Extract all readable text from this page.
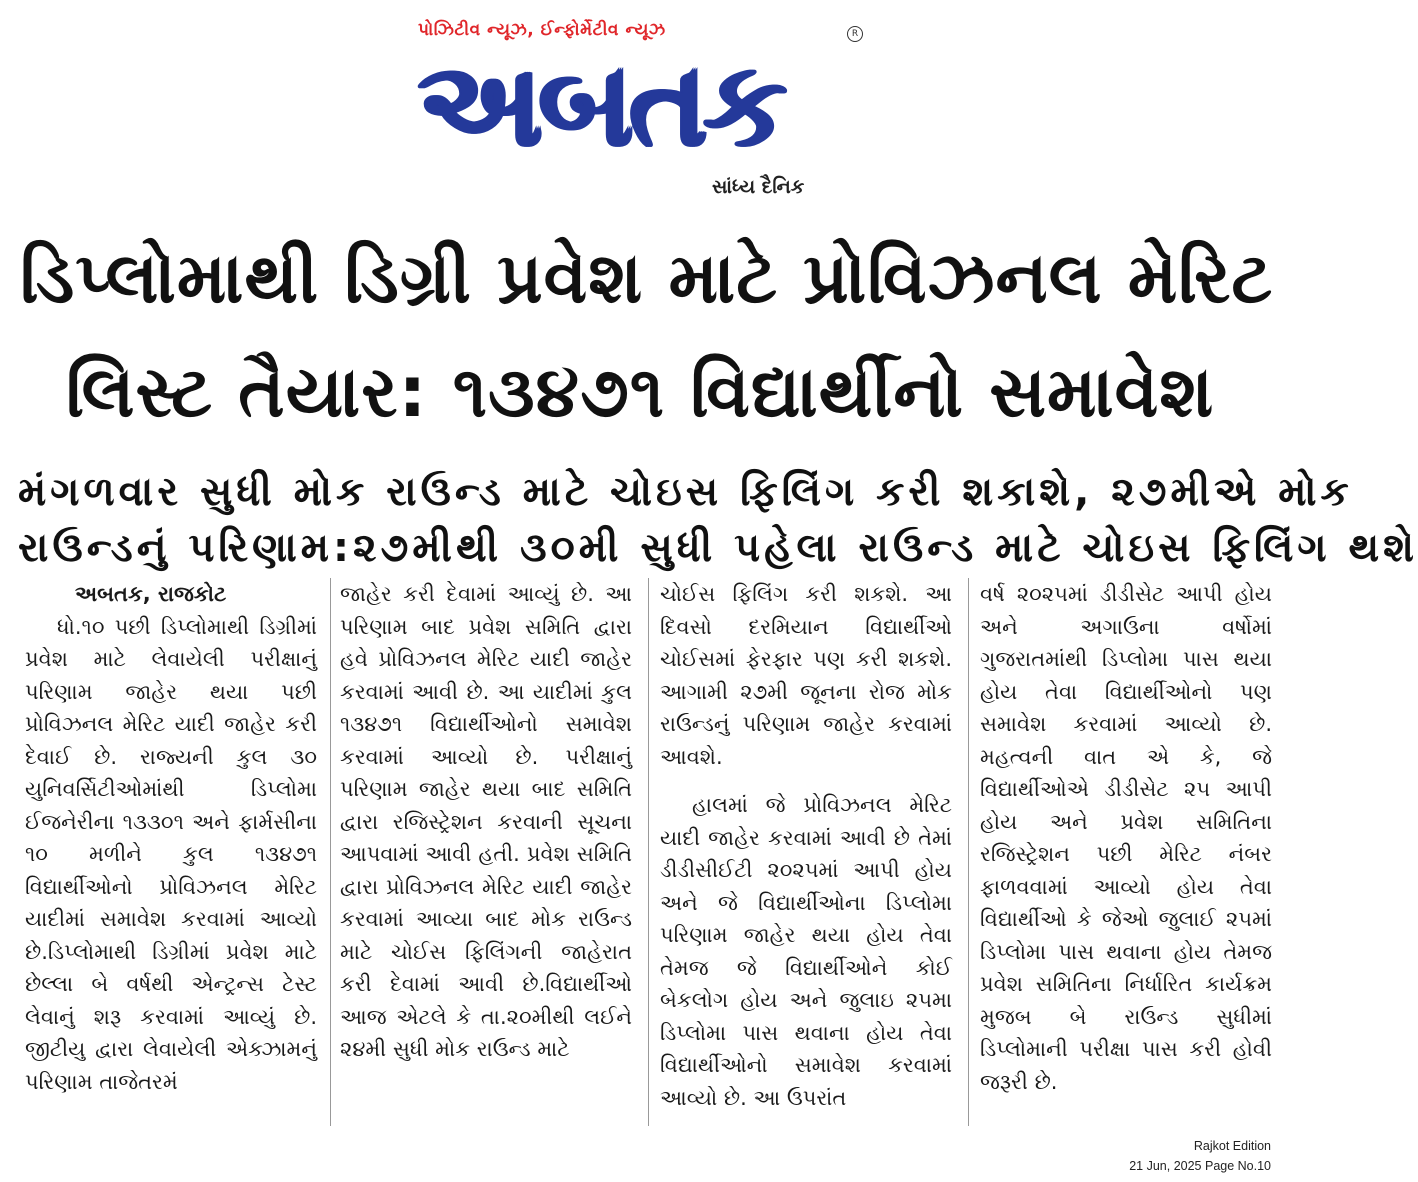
પોઝિટીવ ન્યૂઝ, ઈન્ફોર્મેટીવ ન્યૂઝ	R
અબતક
સાંધ્ય દૈનિક
ડિપ્લોમાથી ડિગ્રી પ્રવેશ માટે પ્રોવિઝનલ મેરિટ
લિસ્ટ તૈયાર: ૧૩૪૭૧ વિદ્યાર્થીનો સમાવેશ
મંગળવાર સુધી મોક રાઉન્ડ માટે ચોઇસ ફિલિંગ કરી શકાશે, ૨૭મીએ મોક
રાઉન્ડનું પરિણામ:૨૭મીથી ૩૦મી સુધી પહેલા રાઉન્ડ માટે ચોઇસ ફિલિંગ થશે

અબતક, રાજકોટ

ધો.૧૦ પછી ડિપ્લોમાથી ડિગ્રીમાં પ્રવેશ માટે લેવાયેલી પરીક્ષાનું પરિણામ જાહેર થયા પછી પ્રોવિઝનલ મેરિટ યાદી જાહેર કરી દેવાઈ છે. રાજ્યની કુલ ૩૦ યુનિવર્સિટીઓમાંથી ડિપ્લોમા ઈજનેરીના ૧૩૩૦૧ અને ફાર્મસીના ૧૦ મળીને કુલ ૧૩૪૭૧ વિદ્યાર્થીઓનો પ્રોવિઝનલ મેરિટ યાદીમાં સમાવેશ કરવામાં આવ્યો છે.ડિપ્લોમાથી ડિગ્રીમાં પ્રવેશ માટે છેલ્લા બે વર્ષથી એન્ટ્રન્સ ટેસ્ટ લેવાનું શરૂ કરવામાં આવ્યું છે. જીટીયુ દ્વારા લેવાયેલી એક્ઝામનું પરિણામ તાજેતરમં

જાહેર કરી દેવામાં આવ્યું છે. આ પરિણામ બાદ પ્રવેશ સમિતિ દ્વારા હવે પ્રોવિઝનલ મેરિટ યાદી જાહેર કરવામાં આવી છે. આ યાદીમાં કુલ ૧૩૪૭૧ વિદ્યાર્થીઓનો સમાવેશ કરવામાં આવ્યો છે. પરીક્ષાનું પરિણામ જાહેર થયા બાદ સમિતિ દ્વારા રજિસ્ટ્રેશન કરવાની સૂચના આપવામાં આવી હતી. પ્રવેશ સમિતિ દ્વારા પ્રોવિઝનલ મેરિટ યાદી જાહેર કરવામાં આવ્યા બાદ મોક રાઉન્ડ માટે ચોઈસ ફિલિંગની જાહેરાત કરી દેવામાં આવી છે.વિદ્યાર્થીઓ આજ એટલે કે તા.૨૦મીથી લઈને ૨૪મી સુધી મોક રાઉન્ડ માટે

ચોઈસ ફિલિંગ કરી શકશે. આ દિવસો દરમિયાન વિદ્યાર્થીઓ ચોઈસમાં ફેરફાર પણ કરી શકશે. આગામી ૨૭મી જૂનના રોજ મોક રાઉન્ડનું પરિણામ જાહેર કરવામાં આવશે.

હાલમાં જે પ્રોવિઝનલ મેરિટ યાદી જાહેર કરવામાં આવી છે તેમાં ડીડીસીઈટી ૨૦૨૫માં આપી હોય અને જે વિદ્યાર્થીઓના ડિપ્લોમા પરિણામ જાહેર થયા હોય તેવા તેમજ જે વિદ્યાર્થીઓને કોઈ બેકલોગ હોય અને જુલાઇ ૨૫મા ડિપ્લોમા પાસ થવાના હોય તેવા વિદ્યાર્થીઓનો સમાવેશ કરવામાં આવ્યો છે. આ ઉપરાંત

વર્ષ ૨૦૨૫માં ડીડીસેટ આપી હોય અને અગાઉના વર્ષોમાં ગુજરાતમાંથી ડિપ્લોમા પાસ થયા હોય તેવા વિદ્યાર્થીઓનો પણ સમાવેશ કરવામાં આવ્યો છે. મહત્વની વાત એ કે, જે વિદ્યાર્થીઓએ ડીડીસેટ ૨૫ આપી હોય અને પ્રવેશ સમિતિના રજિસ્ટ્રેશન પછી મેરિટ નંબર ફાળવવામાં આવ્યો હોય તેવા વિદ્યાર્થીઓ કે જેઓ જુલાઈ ૨૫માં ડિપ્લોમા પાસ થવાના હોય તેમજ પ્રવેશ સમિતિના નિર્ધારિત કાર્યક્રમ મુજબ બે રાઉન્ડ સુધીમાં ડિપ્લોમાની પરીક્ષા પાસ કરી હોવી જરૂરી છે.

Rajkot Edition
21 Jun, 2025 Page No.10
